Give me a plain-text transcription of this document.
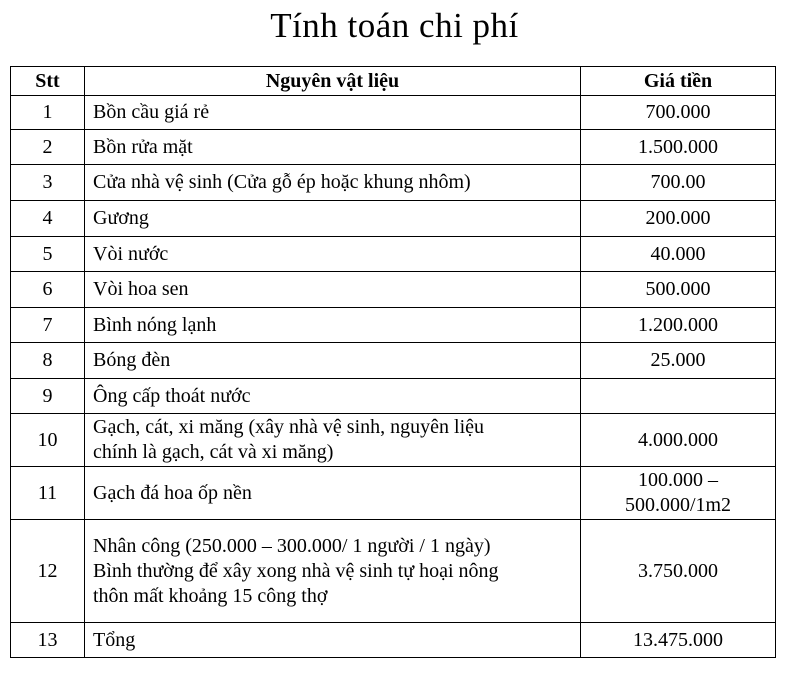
Tính toán chi phí
Stt	Nguyên vật liệu	Giá tiền
1	Bồn cầu giá rẻ	700.000

2	Bồn rửa mặt	1.500.000

3	Cửa nhà vệ sinh (Cửa gỗ ép hoặc khung nhôm)	700.00

4	Gương	200.000

5	Vòi nước	40.000

6	Vòi hoa sen	500.000

7	Bình nóng lạnh	1.200.000

8	Bóng đèn	25.000

9	Ông cấp thoát nước	

10	Gạch, cát, xi măng (xây nhà vệ sinh, nguyên liệu
chính là gạch, cát và xi măng)	4.000.000

11	Gạch đá hoa ốp nền	100.000 –
500.000/1m2

12	Nhân công (250.000 – 300.000/ 1 người / 1 ngày)
Bình thường để xây xong nhà vệ sinh tự hoại nông
thôn mất khoảng 15 công thợ	3.750.000

13	Tổng	13.475.000
